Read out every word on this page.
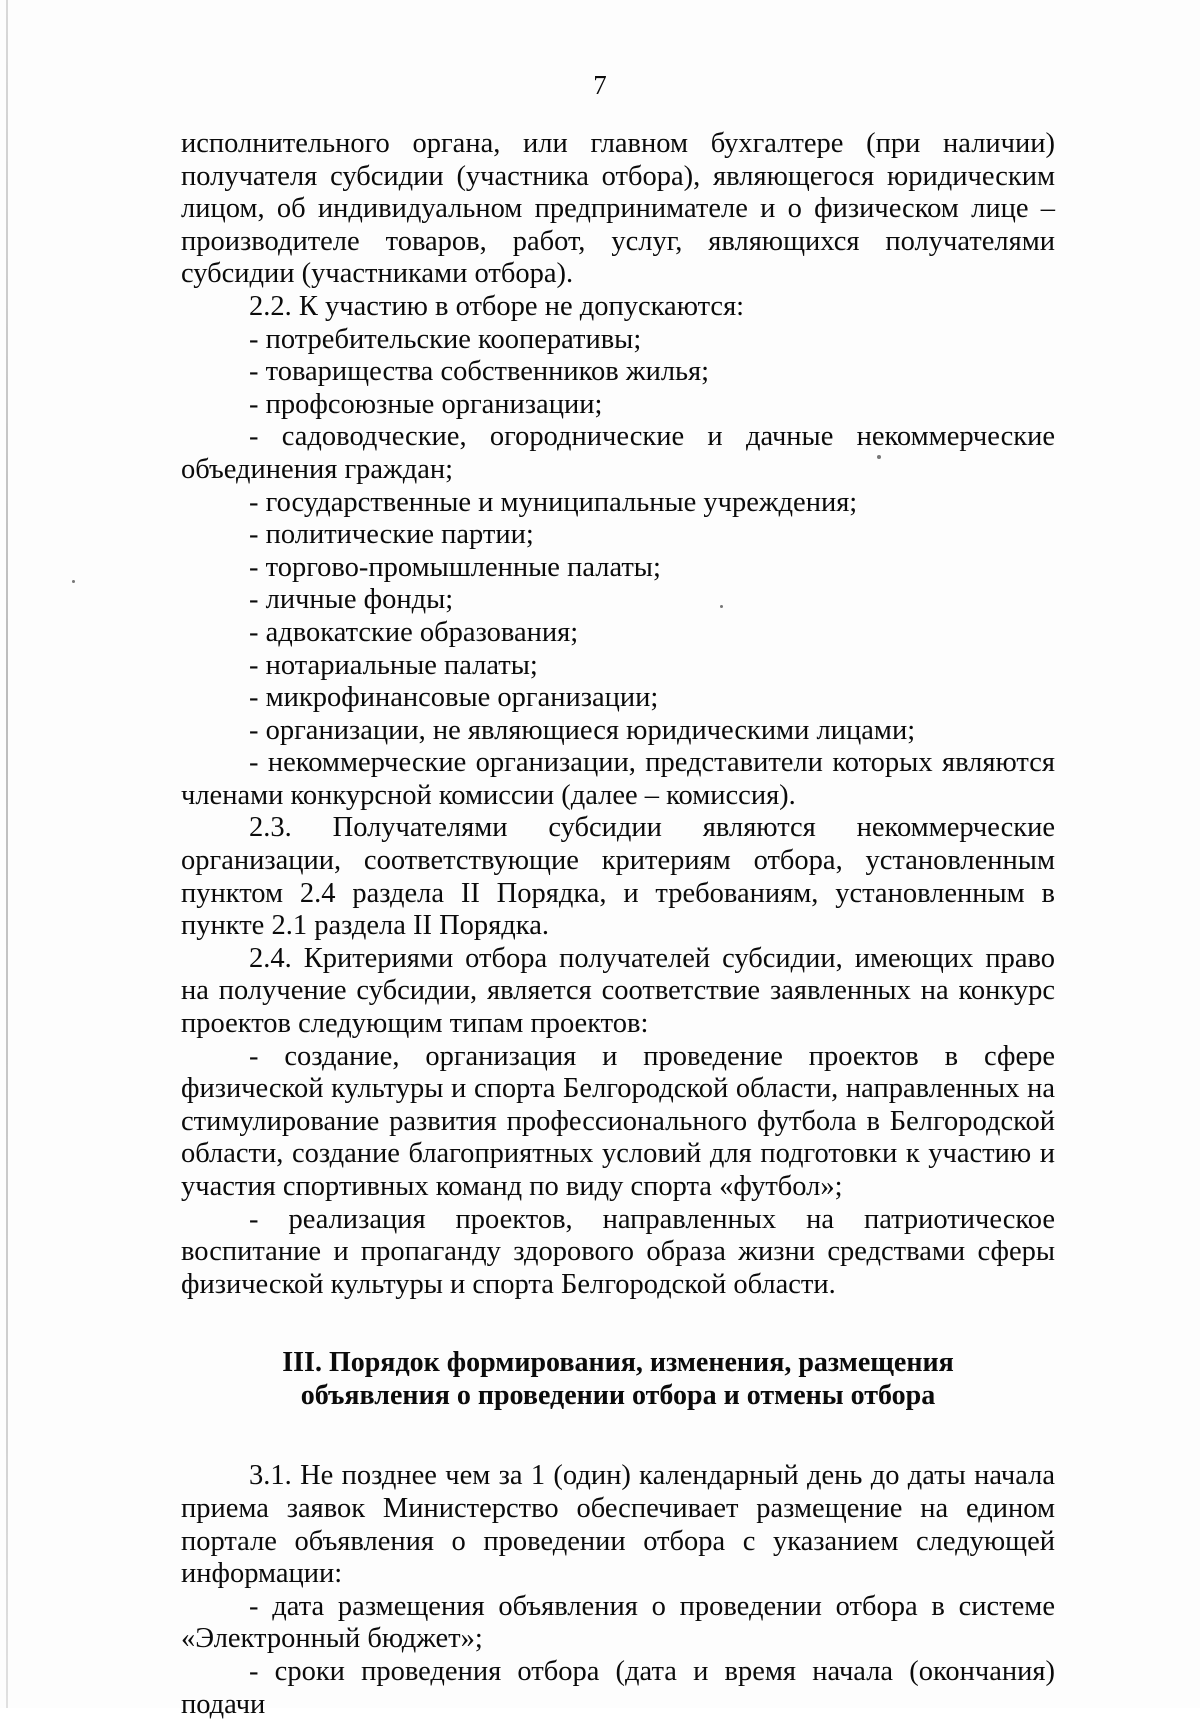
7

исполнительного органа, или главном бухгалтере (при наличии) получателя субсидии (участника отбора), являющегося юридическим лицом, об индивидуальном предпринимателе и о физическом лице – производителе товаров, работ, услуг, являющихся получателями субсидии (участниками отбора).

2.2. К участию в отборе не допускаются:

- потребительские кооперативы;

- товарищества собственников жилья;

- профсоюзные организации;

- садоводческие, огороднические и дачные некоммерческие объединения граждан;

- государственные и муниципальные учреждения;

- политические партии;

- торгово-промышленные палаты;

- личные фонды;

- адвокатские образования;

- нотариальные палаты;

- микрофинансовые организации;

- организации, не являющиеся юридическими лицами;

- некоммерческие организации, представители которых являются членами конкурсной комиссии (далее – комиссия).

2.3. Получателями субсидии являются некоммерческие организации, соответствующие критериям отбора, установленным пунктом 2.4 раздела II Порядка, и требованиям, установленным в пункте 2.1 раздела II Порядка.

2.4. Критериями отбора получателей субсидии, имеющих право на получение субсидии, является соответствие заявленных на конкурс проектов следующим типам проектов:

- создание, организация и проведение проектов в сфере физической культуры и спорта Белгородской области, направленных на стимулирование развития профессионального футбола в Белгородской области, создание благоприятных условий для подготовки к участию и участия спортивных команд по виду спорта «футбол»;

- реализация проектов, направленных на патриотическое воспитание и пропаганду здорового образа жизни средствами сферы физической культуры и спорта Белгородской области.

III. Порядок формирования, изменения, размещения
объявления о проведении отбора и отмены отбора

3.1. Не позднее чем за 1 (один) календарный день до даты начала приема заявок Министерство обеспечивает размещение на едином портале объявления о проведении отбора с указанием следующей информации:

- дата размещения объявления о проведении отбора в системе «Электронный бюджет»;

- сроки проведения отбора (дата и время начала (окончания) подачи
